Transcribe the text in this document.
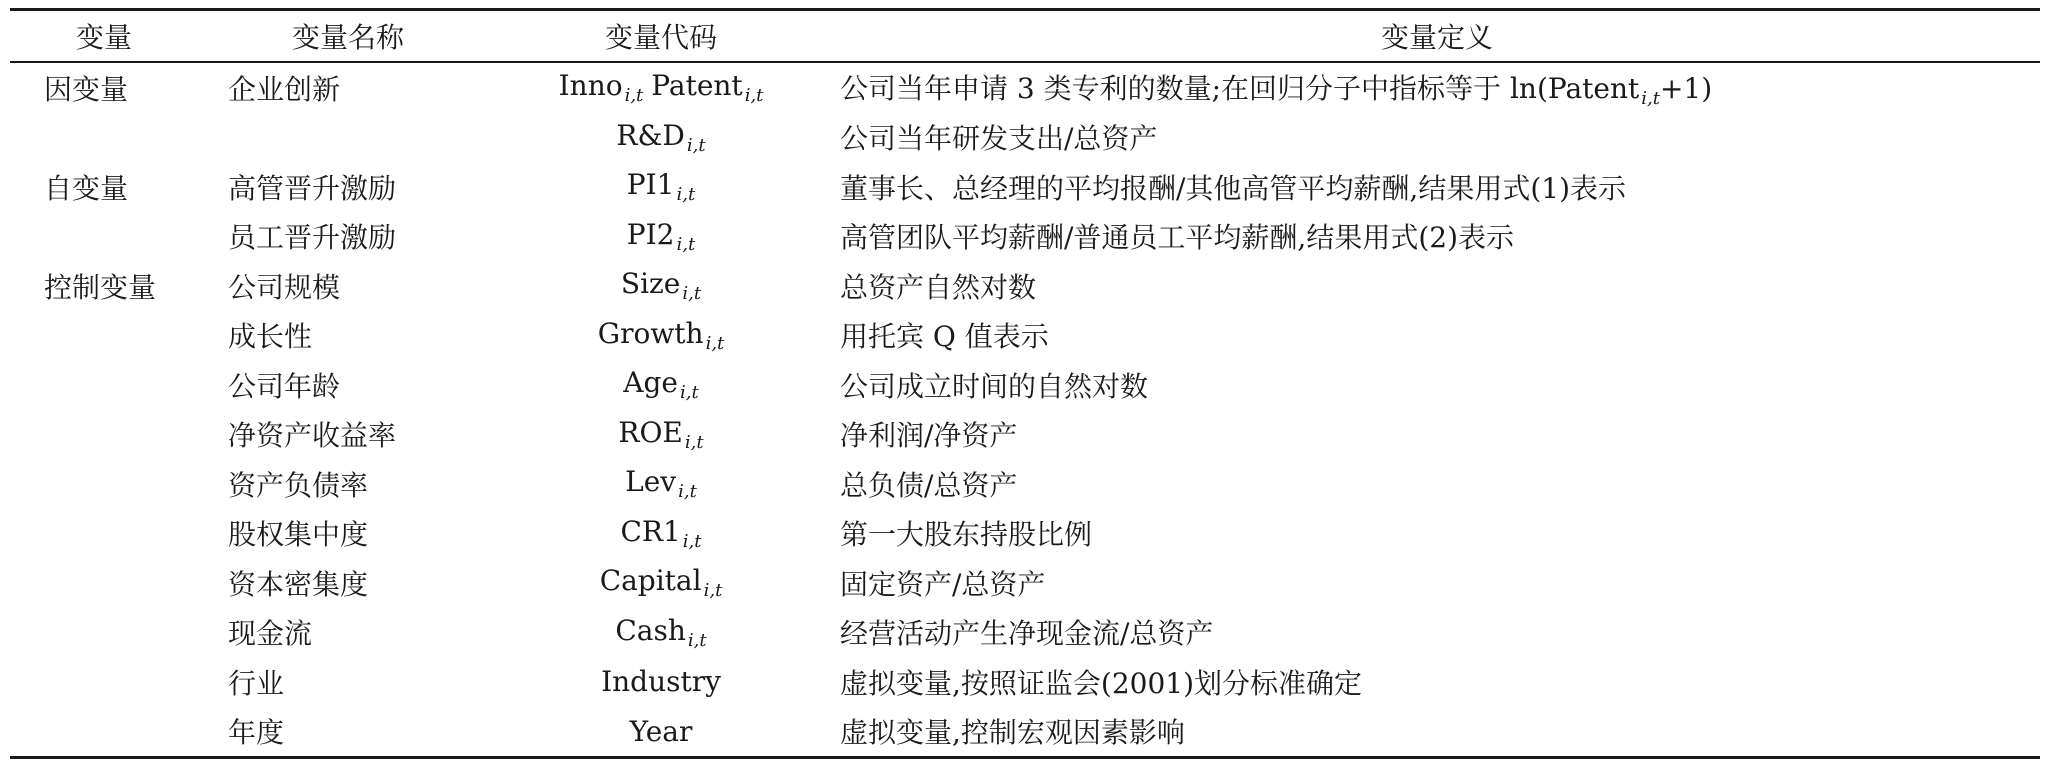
变量	变量名称	变量代码	变量定义
因变量	企业创新	Inno $_{i,t}$ Patent $_{i,t}$	公司当年申请 3 类专利的数量;在回归分子中指标等于 ln(Patent $_{i,t}$+1)
		R&D $_{i,t}$	公司当年研发支出/总资产
自变量	高管晋升激励	PI1 $_{i,t}$	董事长、总经理的平均报酬/其他高管平均薪酬,结果用式(1)表示
	员工晋升激励	PI2 $_{i,t}$	高管团队平均薪酬/普通员工平均薪酬,结果用式(2)表示
控制变量	公司规模	Size $_{i,t}$	总资产自然对数
	成长性	Growth $_{i,t}$	用托宾 Q 值表示
	公司年龄	Age $_{i,t}$	公司成立时间的自然对数
	净资产收益率	ROE $_{i,t}$	净利润/净资产
	资产负债率	Lev $_{i,t}$	总负债/总资产
	股权集中度	CR1 $_{i,t}$	第一大股东持股比例
	资本密集度	Capital $_{i,t}$	固定资产/总资产
	现金流	Cash $_{i,t}$	经营活动产生净现金流/总资产
	行业	Industry	虚拟变量,按照证监会(2001)划分标准确定
	年度	Year	虚拟变量,控制宏观因素影响
